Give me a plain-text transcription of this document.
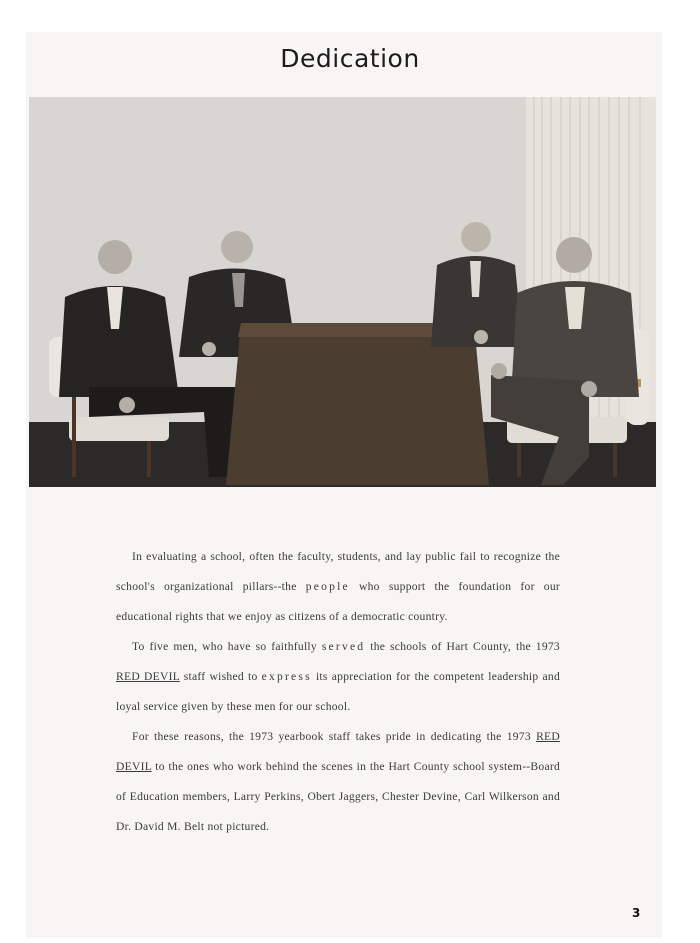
Dedication

In evaluating a school, often the faculty, students, and lay public fail to recognize the school's organizational pillars--the people who support the foundation for our educational rights that we enjoy as citizens of a democratic country.

To five men, who have so faithfully served the schools of Hart County, the 1973 RED DEVIL staff wished to express its appreciation for the competent leadership and loyal service given by these men for our school.

For these reasons, the 1973 yearbook staff takes pride in dedicating the 1973 RED DEVIL to the ones who work behind the scenes in the Hart County school system--Board of Education members, Larry Perkins, Obert Jaggers, Chester Devine, Carl Wilkerson and Dr. David M. Belt not pictured.

3
